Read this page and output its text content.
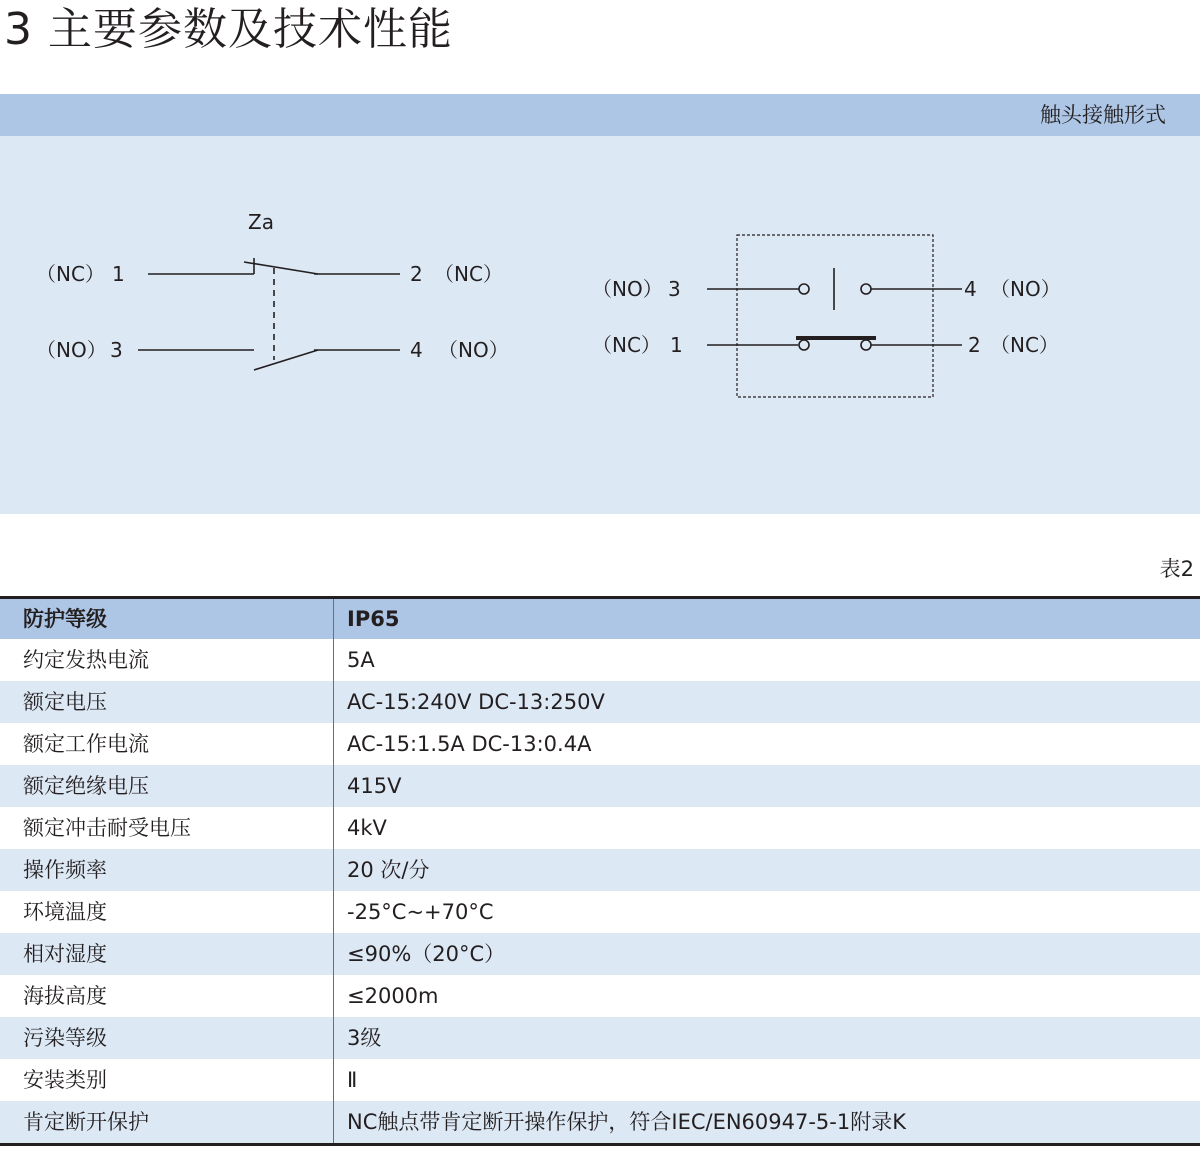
3 主要参数及技术性能
触头接触形式
Za
（NC） 1	2 （NC）
（NO） 3	4 （NO）
（NO） 3	4 （NO）
（NC） 1	2 （NC）
表2
防护等级	IP65
约定发热电流	5A
额定电压	AC-15:240V DC-13:250V
额定工作电流	AC-15:1.5A DC-13:0.4A
额定绝缘电压	415V
额定冲击耐受电压	4kV
操作频率	20 次/分
环境温度	-25°C~+70°C
相对湿度	≤90%（20°C）
海拔高度	≤2000m
污染等级	3级
安装类别	Ⅱ
肯定断开保护	NC触点带肯定断开操作保护，符合IEC/EN60947-5-1附录K
